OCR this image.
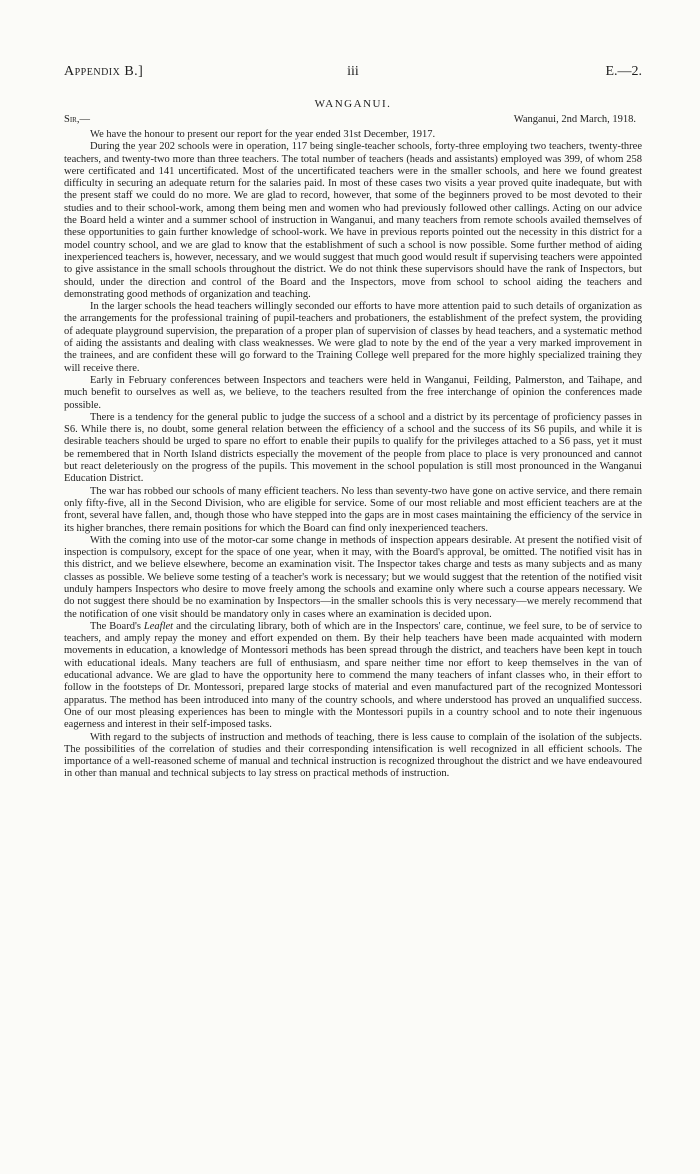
Appendix B.]	iii	E.—2.
WANGANUI.
Sir,—	Wanganui, 2nd March, 1918.

We have the honour to present our report for the year ended 31st December, 1917.

During the year 202 schools were in operation, 117 being single-teacher schools, forty-three employing two teachers, twenty-three teachers, and twenty-two more than three teachers. The total number of teachers (heads and assistants) employed was 399, of whom 258 were certificated and 141 uncertificated. Most of the uncertificated teachers were in the smaller schools, and here we found greatest difficulty in securing an adequate return for the salaries paid. In most of these cases two visits a year proved quite inadequate, but with the present staff we could do no more. We are glad to record, however, that some of the beginners proved to be most devoted to their studies and to their school-work, among them being men and women who had previously followed other callings. Acting on our advice the Board held a winter and a summer school of instruction in Wanganui, and many teachers from remote schools availed themselves of these opportunities to gain further knowledge of school-work. We have in previous reports pointed out the necessity in this district for a model country school, and we are glad to know that the establishment of such a school is now possible. Some further method of aiding inexperienced teachers is, however, necessary, and we would suggest that much good would result if supervising teachers were appointed to give assistance in the small schools throughout the district. We do not think these supervisors should have the rank of Inspectors, but should, under the direction and control of the Board and the Inspectors, move from school to school aiding the teachers and demonstrating good methods of organization and teaching.

In the larger schools the head teachers willingly seconded our efforts to have more attention paid to such details of organization as the arrangements for the professional training of pupil-teachers and probationers, the establishment of the prefect system, the providing of adequate playground supervision, the preparation of a proper plan of supervision of classes by head teachers, and a systematic method of aiding the assistants and dealing with class weaknesses. We were glad to note by the end of the year a very marked improvement in the trainees, and are confident these will go forward to the Training College well prepared for the more highly specialized training they will receive there.

Early in February conferences between Inspectors and teachers were held in Wanganui, Feilding, Palmerston, and Taihape, and much benefit to ourselves as well as, we believe, to the teachers resulted from the free interchange of opinion the conferences made possible.

There is a tendency for the general public to judge the success of a school and a district by its percentage of proficiency passes in S6. While there is, no doubt, some general relation between the efficiency of a school and the success of its S6 pupils, and while it is desirable teachers should be urged to spare no effort to enable their pupils to qualify for the privileges attached to a S6 pass, yet it must be remembered that in North Island districts especially the movement of the people from place to place is very pronounced and cannot but react deleteriously on the progress of the pupils. This movement in the school population is still most pronounced in the Wanganui Education District.

The war has robbed our schools of many efficient teachers. No less than seventy-two have gone on active service, and there remain only fifty-five, all in the Second Division, who are eligible for service. Some of our most reliable and most efficient teachers are at the front, several have fallen, and, though those who have stepped into the gaps are in most cases maintaining the efficiency of the service in its higher branches, there remain positions for which the Board can find only inexperienced teachers.

With the coming into use of the motor-car some change in methods of inspection appears desirable. At present the notified visit of inspection is compulsory, except for the space of one year, when it may, with the Board's approval, be omitted. The notified visit has in this district, and we believe elsewhere, become an examination visit. The Inspector takes charge and tests as many subjects and as many classes as possible. We believe some testing of a teacher's work is necessary; but we would suggest that the retention of the notified visit unduly hampers Inspectors who desire to move freely among the schools and examine only where such a course appears necessary. We do not suggest there should be no examination by Inspectors—in the smaller schools this is very necessary—we merely recommend that the notification of one visit should be mandatory only in cases where an examination is decided upon.

The Board's Leaflet and the circulating library, both of which are in the Inspectors' care, continue, we feel sure, to be of service to teachers, and amply repay the money and effort expended on them. By their help teachers have been made acquainted with modern movements in education, a knowledge of Montessori methods has been spread through the district, and teachers have been kept in touch with educational ideals. Many teachers are full of enthusiasm, and spare neither time nor effort to keep themselves in the van of educational advance. We are glad to have the opportunity here to commend the many teachers of infant classes who, in their effort to follow in the footsteps of Dr. Montessori, prepared large stocks of material and even manufactured part of the recognized Montessori apparatus. The method has been introduced into many of the country schools, and where understood has proved an unqualified success. One of our most pleasing experiences has been to mingle with the Montessori pupils in a country school and to note their ingenuous eagerness and interest in their self-imposed tasks.

With regard to the subjects of instruction and methods of teaching, there is less cause to complain of the isolation of the subjects. The possibilities of the correlation of studies and their corresponding intensification is well recognized in all efficient schools. The importance of a well-reasoned scheme of manual and technical instruction is recognized throughout the district and we have endeavoured in other than manual and technical subjects to lay stress on practical methods of instruction.
